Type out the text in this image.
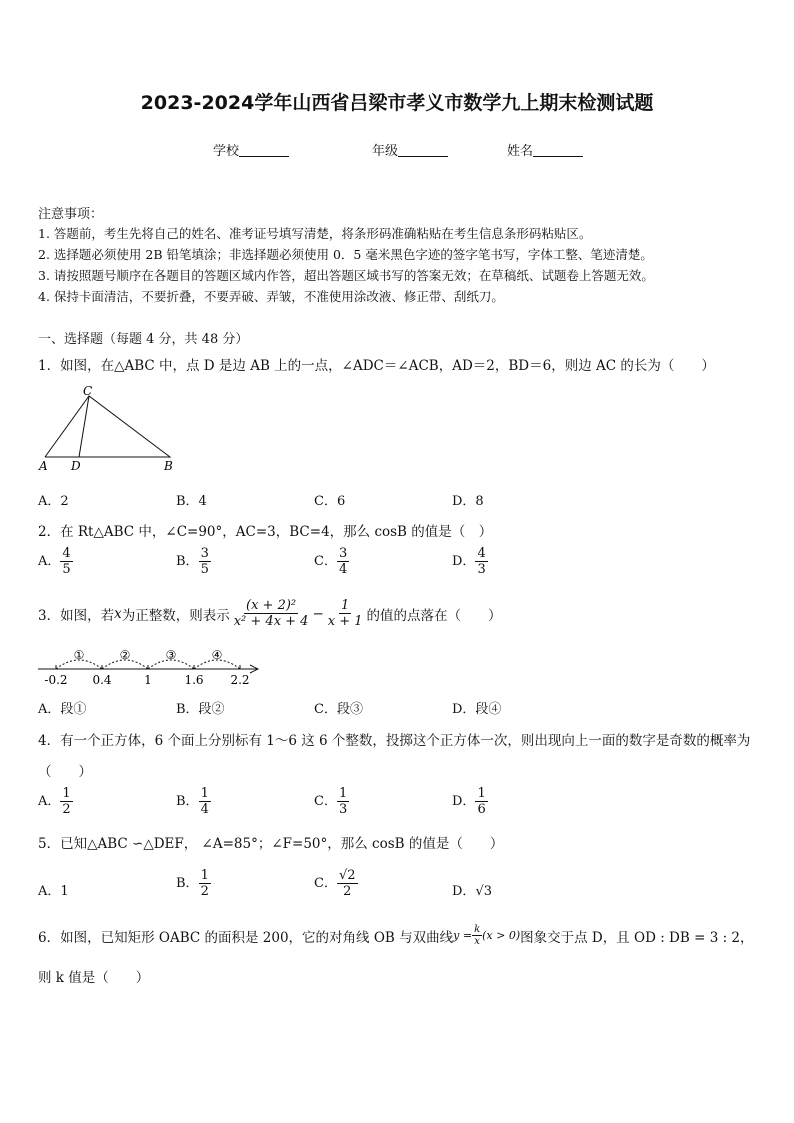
2023-2024学年山西省吕梁市孝义市数学九上期末检测试题
学校	年级	姓名
注意事项：
1. 答题前，考生先将自己的姓名、准考证号填写清楚，将条形码准确粘贴在考生信息条形码粘贴区。
2. 选择题必须使用 2B 铅笔填涂；非选择题必须使用 0．5 毫米黑色字迹的签字笔书写，字体工整、笔迹清楚。
3. 请按照题号顺序在各题目的答题区域内作答，超出答题区域书写的答案无效；在草稿纸、试题卷上答题无效。
4. 保持卡面清洁，不要折叠，不要弄破、弄皱，不准使用涂改液、修正带、刮纸刀。
一、选择题（每题 4 分，共 48 分）
1．如图，在△ABC 中，点 D 是边 AB 上的一点，∠ADC＝∠ACB，AD＝2，BD＝6，则边 AC 的长为（　　）
C
A D	B
A．2	B．4	C．6	D．8
2．在 Rt△ABC 中，∠C=90°，AC=3，BC=4，那么 cosB 的值是（　）
A． $\frac{4}{5}$	B． $\frac{3}{5}$	C． $\frac{3}{4}$	D． $\frac{4}{3}$
3．如图，若 x 为正整数，则表示 $\frac{\text{(x + 2)²}}{\text{x² + 4x + 4}} - \frac{1}{x + 1}$ 的值的点落在（　　）
-0.2 0.4	1	1.6 2.2
①	②	③	④
A．段①	B．段②	C．段③	D．段④
4．有一个正方体，6 个面上分别标有 1～6 这 6 个整数，投掷这个正方体一次，则出现向上一面的数字是奇数的概率为
（　　）
A． $\frac{1}{2}$	B． $\frac{1}{4}$	C． $\frac{1}{3}$	D． $\frac{1}{6}$
5．已知△ABC ∽△DEF， ∠A=85°；∠F=50°，那么 cosB 的值是（　　）
A．1
B． $\frac{1}{2}$	C． $\frac{√2}{2}$	D．√3
6．如图，已知矩形 OABC 的面积是 200，它的对角线 OB 与双曲线 $y = \frac{k}{x} (x > 0)$ 图象交于点 D，且 OD : DB = 3 : 2，
则 k 值是（　　）
